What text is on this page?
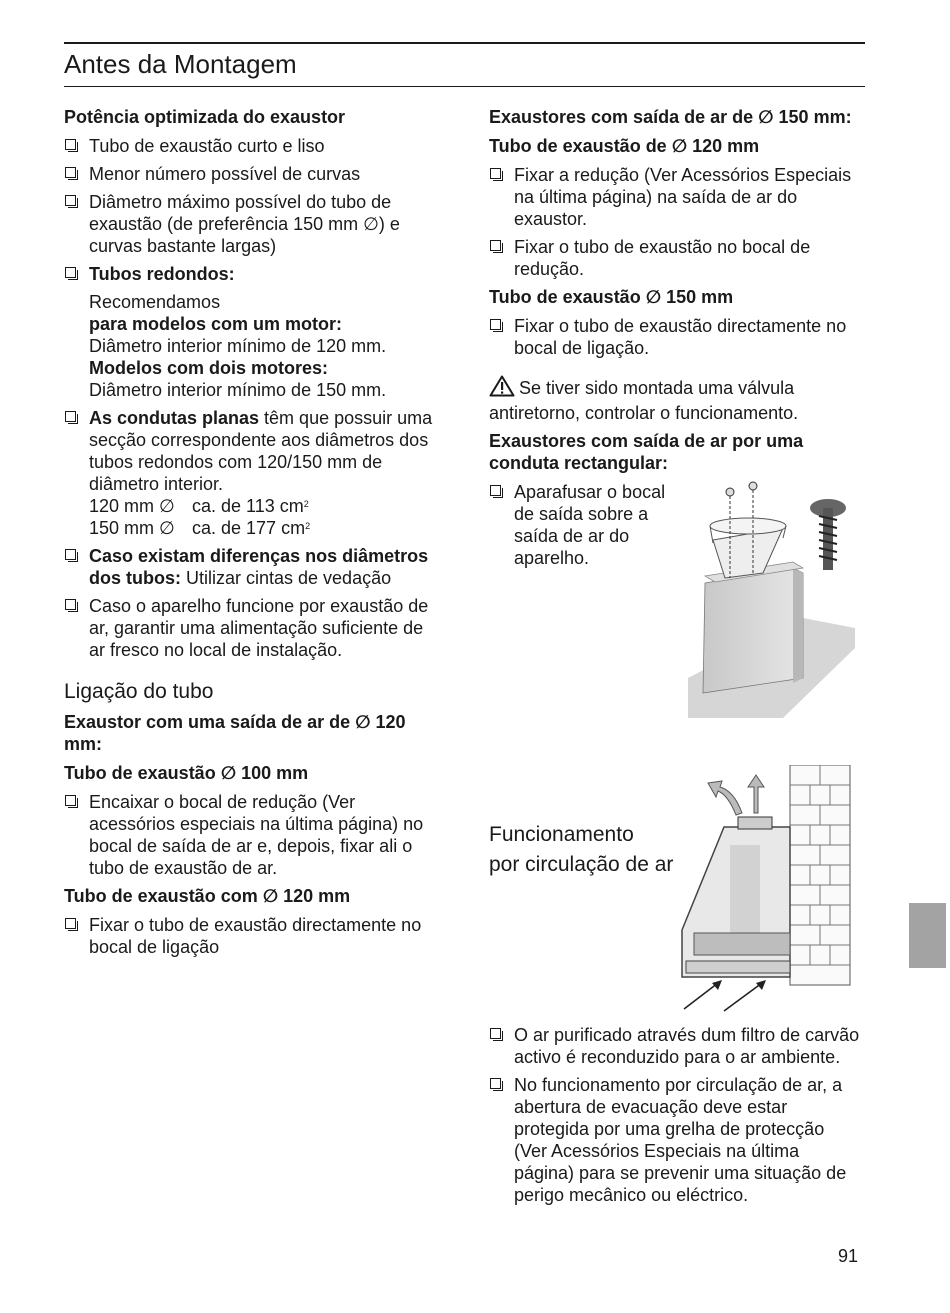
Antes da Montagem
Potência optimizada do exaustor
Tubo de exaustão curto e liso
Menor número possível de curvas
Diâmetro máximo possível do tubo de exaustão (de preferência 150 mm ∅) e curvas bastante largas)
Tubos redondos:
Recomendamos
para modelos com um motor:
Diâmetro interior mínimo de 120 mm.
Modelos com dois motores:
Diâmetro interior mínimo de 150 mm.
As condutas planas têm que possuir uma secção correspondente aos diâmetros dos tubos redondos com 120/150 mm de diâmetro interior.
120 mm ∅ ca. de 113 $cm^2$
150 mm ∅ ca. de 177 $cm^2$
Caso existam diferenças nos diâmetros dos tubos: Utilizar cintas de vedação
Caso o aparelho funcione por exaustão de ar, garantir uma alimentação suficiente de ar fresco no local de instalação.
Ligação do tubo
Exaustor com uma saída de ar de ∅ 120 mm:
Tubo de exaustão ∅ 100 mm
Encaixar o bocal de redução (Ver acessórios especiais na última página) no bocal de saída de ar e, depois, fixar ali o tubo de exaustão de ar.
Tubo de exaustão com ∅ 120 mm
Fixar o tubo de exaustão directamente no bocal de ligação
Exaustores com saída de ar de ∅ 150 mm:
Tubo de exaustão de ∅ 120 mm
Fixar a redução (Ver Acessórios Especiais na última página) na saída de ar do exaustor.
Fixar o tubo de exaustão no bocal de redução.
Tubo de exaustão ∅ 150 mm
Fixar o tubo de exaustão directamente no bocal de ligação.
Se tiver sido montada uma válvula antiretorno, controlar o funcionamento.
Exaustores com saída de ar por uma conduta rectangular:
Aparafusar o bocal de saída sobre a saída de ar do aparelho.
Funcionamento
por circulação de ar
O ar purificado através dum filtro de carvão activo é reconduzido para o ar ambiente.
No funcionamento por circulação de ar, a abertura de evacuação deve estar protegida por uma grelha de protecção (Ver Acessórios Especiais na última página) para se prevenir uma situação de perigo mecânico ou eléctrico.
91
